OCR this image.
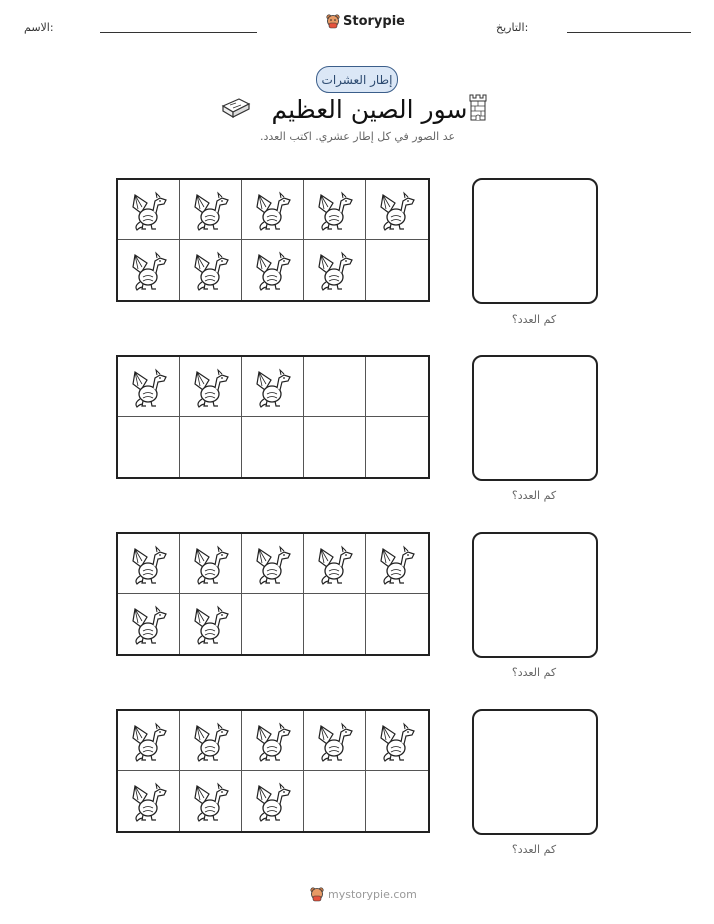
الاسم:	Storypie	التاريخ:
إطار العشرات
سور الصين العظيم
عد الصور في كل إطار عشري. اكتب العدد.
كم العدد؟
كم العدد؟
كم العدد؟
كم العدد؟
mystorypie.com
